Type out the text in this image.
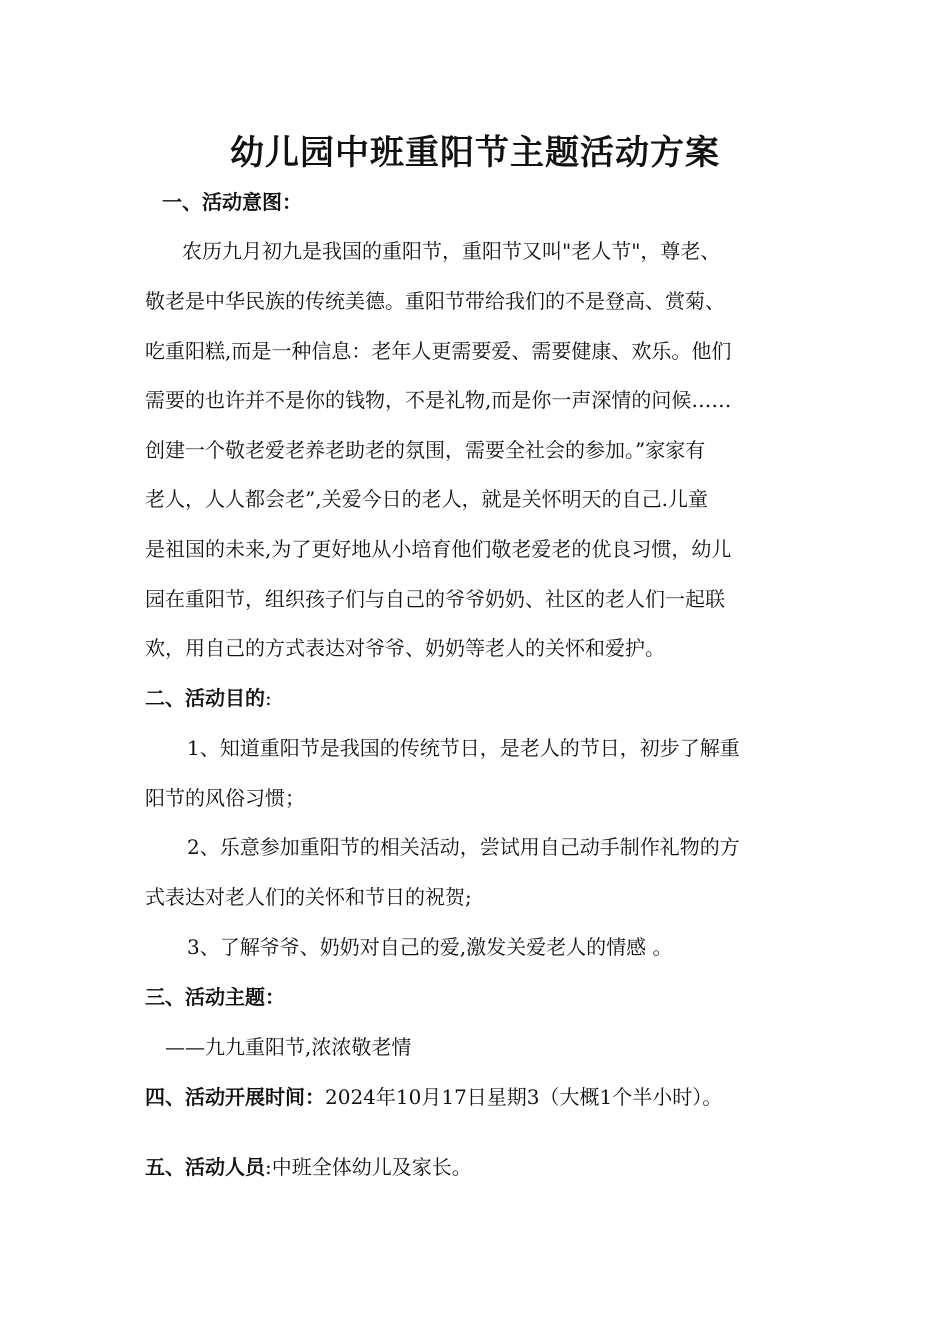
幼儿园中班重阳节主题活动方案
一、活动意图：
农历九月初九是我国的重阳节，重阳节又叫"老人节"，尊老、
敬老是中华民族的传统美德。重阳节带给我们的不是登高、赏菊、
吃重阳糕,而是一种信息：老年人更需要爱、需要健康、欢乐。他们
需要的也许并不是你的钱物，不是礼物,而是你一声深情的问候……
创建一个敬老爱老养老助老的氛围，需要全社会的参加。”家家有
老人，人人都会老”,关爱今日的老人，就是关怀明天的自己.儿童
是祖国的未来,为了更好地从小培育他们敬老爱老的优良习惯，幼儿
园在重阳节，组织孩子们与自己的爷爷奶奶、社区的老人们一起联
欢，用自己的方式表达对爷爷、奶奶等老人的关怀和爱护。
二、活动目的:
1、知道重阳节是我国的传统节日，是老人的节日，初步了解重
阳节的风俗习惯；
2、乐意参加重阳节的相关活动，尝试用自己动手制作礼物的方
式表达对老人们的关怀和节日的祝贺;
3、了解爷爷、奶奶对自己的爱,激发关爱老人的情感 。
三、活动主题：
——九九重阳节,浓浓敬老情
四、活动开展时间：2024年10月17日星期3（大概1个半小时）。
五、活动人员:中班全体幼儿及家长。
